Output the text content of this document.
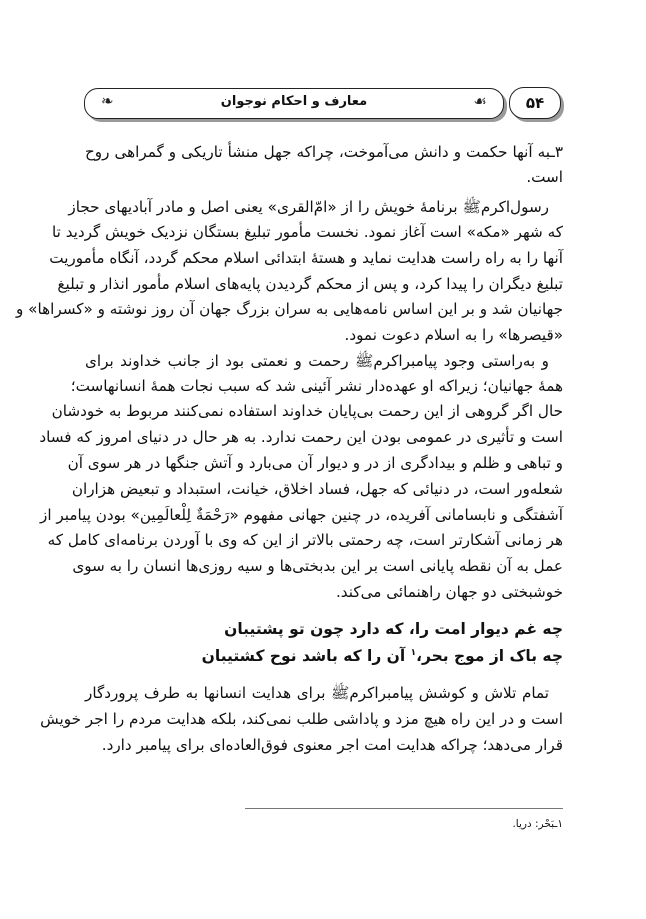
❧	معارف و احکام نوجوان	☙	۵۴
۳ـبه آنها حکمت و دانش می‌آموخت، چراکه جهل منشأ تاریکی و گمراهی روح
است.
رسول‌اکرم‌ﷺ برنامهٔ خویش را از «امّ‌القری» یعنی اصل و مادر آبادیهای حجاز
که شهر «مکه» است آغاز نمود. نخست مأمور تبلیغ بستگان نزدیک خویش گردید تا
آنها را به راه راست هدایت نماید و هستهٔ ابتدائی اسلام محکم گردد، آنگاه مأموریت
تبلیغ دیگران را پیدا کرد، و پس از محکم گردیدن پایه‌های اسلام مأمور انذار و تبلیغ
جهانیان شد و بر این اساس نامه‌هایی به سران بزرگ جهان آن روز نوشته و «کسراها» و
«قیصرها» را به اسلام دعوت نمود.
و به‌راستی وجود پیامبراکرمﷺ رحمت و نعمتی بود از جانب خداوند برای
همهٔ جهانیان؛ زیراکه او عهده‌دار نشر آئینی شد که سبب نجات همهٔ انسانهاست؛
حال اگر گروهی از این رحمت بی‌پایان خداوند استفاده نمی‌کنند مربوط به خودشان
است و تأثیری در عمومی بودن این رحمت ندارد. به هر حال در دنیای امروز که فساد
و تباهی و ظلم و بیدادگری از در و دیوار آن می‌بارد و آتش جنگها در هر سوی آن
شعله‌ور است، در دنیائی که جهل، فساد اخلاق، خیانت، استبداد و تبعیض هزاران
آشفتگی و نابسامانی آفریده، در چنین جهانی مفهوم «رَحْمَةٌ لِلْعالَمِین» بودن پیامبر از
هر زمانی آشکارتر است، چه رحمتی بالاتر از این که وی با آوردن برنامه‌ای کامل که
عمل به آن نقطه پایانی است بر این بدبختی‌ها و سیه روزی‌ها انسان را به سوی
خوشبختی دو جهان راهنمائی می‌کند.
تمام تلاش و کوشش پیامبراکرمﷺ برای هدایت انسانها به طرف پروردگار
است و در این راه هیچ مزد و پاداشی طلب نمی‌کند، بلکه هدایت مردم را اجر خویش
قرار می‌دهد؛ چراکه هدایت امت اجر معنوی فوق‌العاده‌ای برای پیامبر دارد.
چه غم دیوار امت را، که دارد چون تو پشتیبان
چه باک از موج بحر،$^۱$ آن را که باشد نوح کشتیبان
۱ـبَحْر: دریا.
